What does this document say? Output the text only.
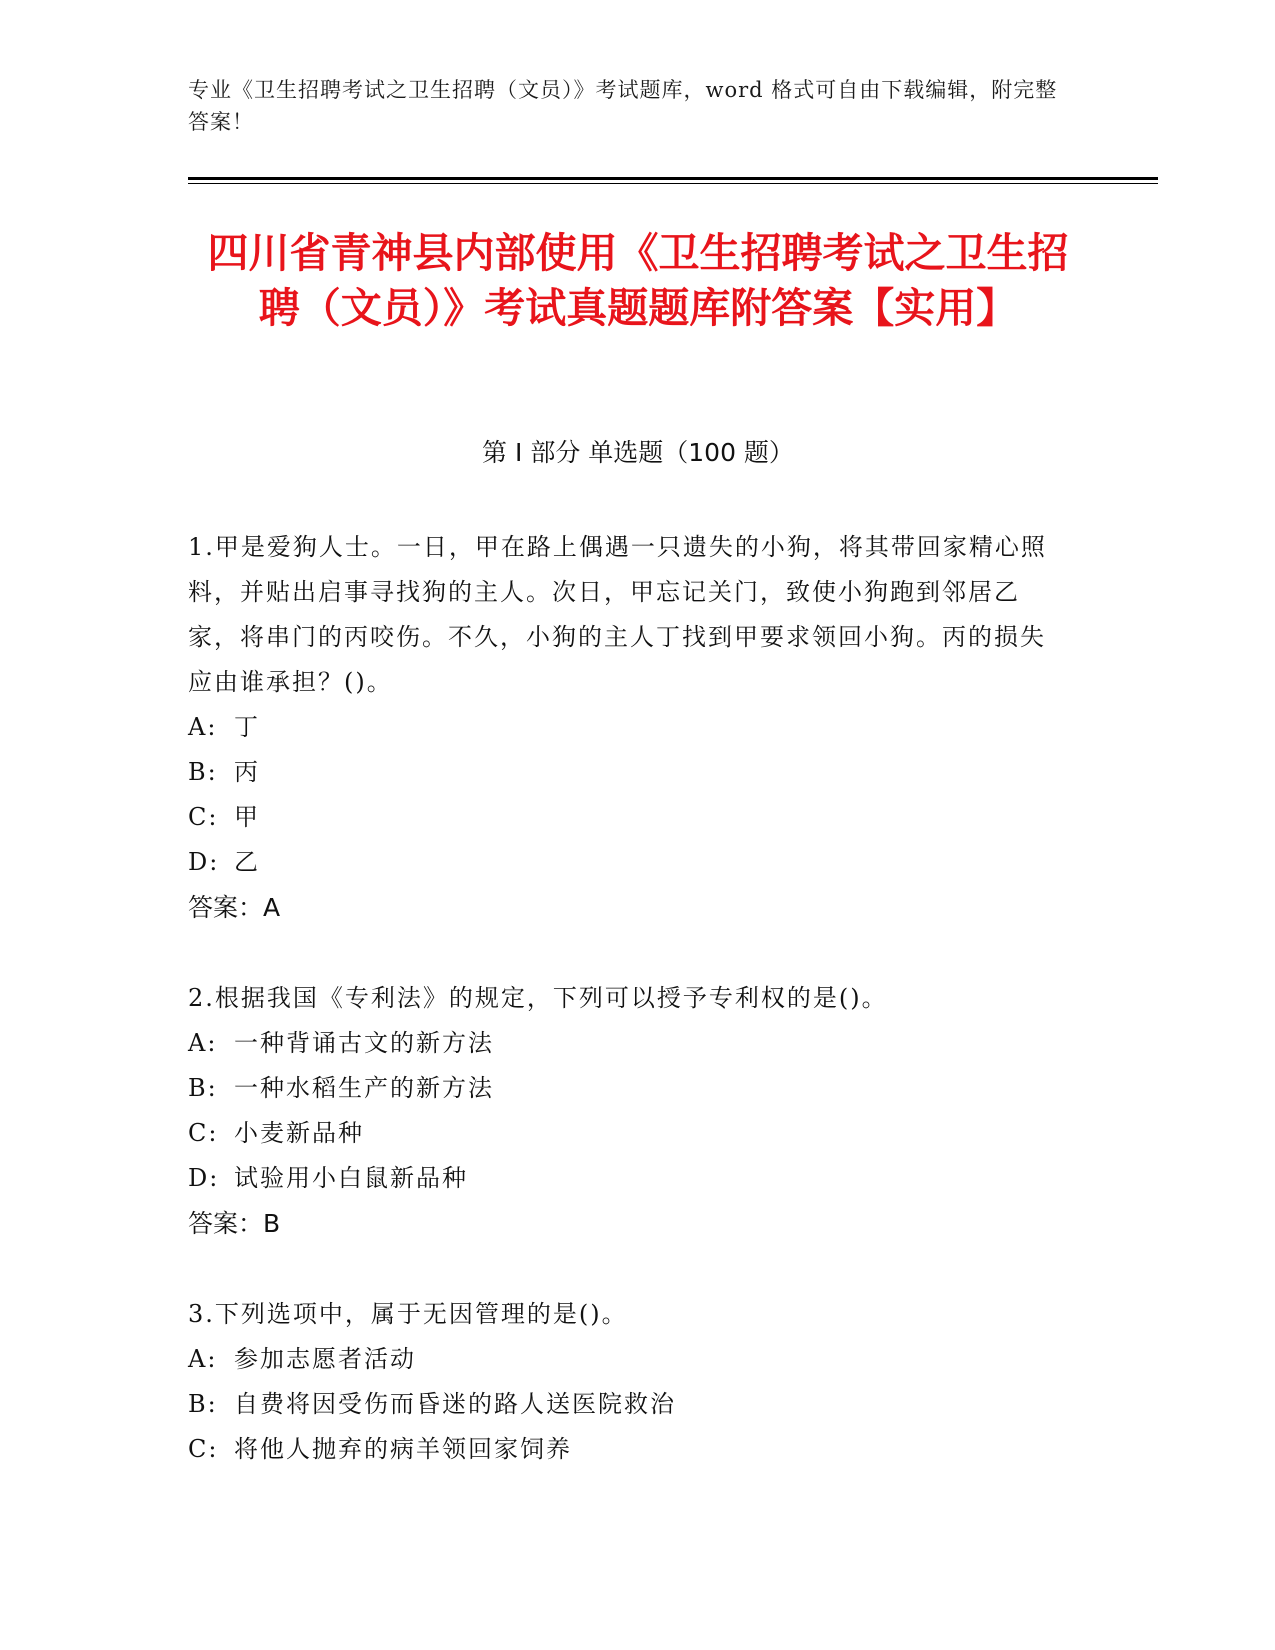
专业《卫生招聘考试之卫生招聘（文员）》考试题库，word 格式可自由下载编辑，附完整答案！
四川省青神县内部使用《卫生招聘考试之卫生招聘（文员）》考试真题题库附答案【实用】
第 I 部分 单选题（100 题）

1.甲是爱狗人士。一日，甲在路上偶遇一只遗失的小狗，将其带回家精心照料，并贴出启事寻找狗的主人。次日，甲忘记关门，致使小狗跑到邻居乙家，将串门的丙咬伤。不久，小狗的主人丁找到甲要求领回小狗。丙的损失应由谁承担？()。

A: 丁
B: 丙
C: 甲
D: 乙

答案：A

2.根据我国《专利法》的规定，下列可以授予专利权的是()。

A: 一种背诵古文的新方法
B: 一种水稻生产的新方法
C: 小麦新品种
D: 试验用小白鼠新品种

答案：B

3.下列选项中，属于无因管理的是()。

A: 参加志愿者活动
B: 自费将因受伤而昏迷的路人送医院救治
C: 将他人抛弃的病羊领回家饲养
